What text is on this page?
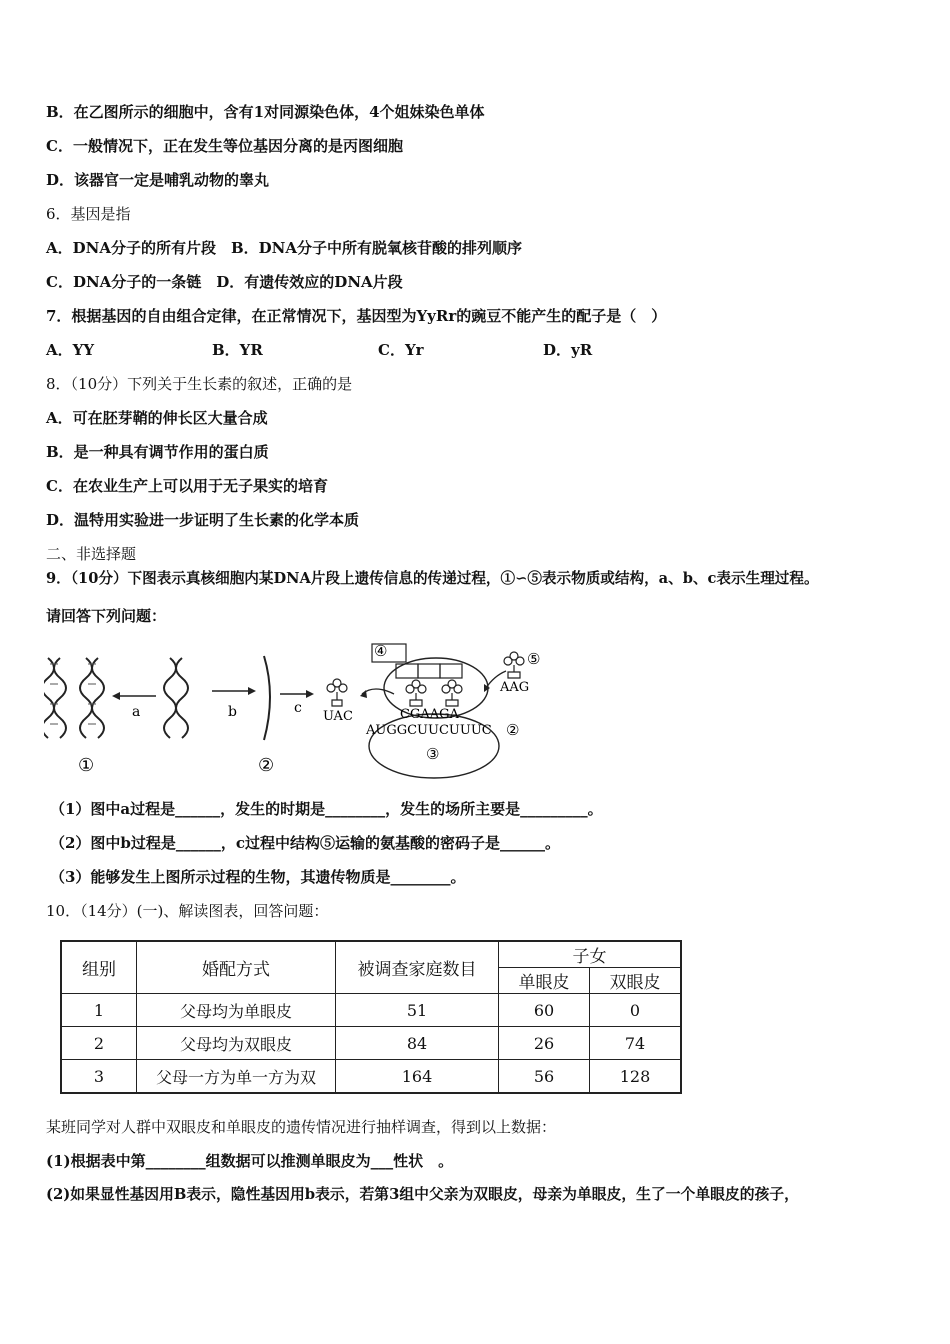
B．在乙图所示的细胞中，含有1对同源染色体，4个姐妹染色单体
C．一般情况下，正在发生等位基因分离的是丙图细胞
D．该器官一定是哺乳动物的睾丸
6．基因是指
A．DNA分子的所有片段　B．DNA分子中所有脱氧核苷酸的排列顺序
C．DNA分子的一条链　D．有遗传效应的DNA片段
7．根据基因的自由组合定律，在正常情况下，基因型为YyRr的豌豆不能产生的配子是（　）
A．YY	B．YR	C．Yr	D．yR
8．（10分）下列关于生长素的叙述，正确的是
A．可在胚芽鞘的伸长区大量合成
B．是一种具有调节作用的蛋白质
C．在农业生产上可以用于无子果实的培育
D．温特用实验进一步证明了生长素的化学本质
二、非选择题
9．（10分）下图表示真核细胞内某DNA片段上遗传信息的传递过程，①∽⑤表示物质或结构，a、b、c表示生理过程。
请回答下列问题：
a	b	c
①	②
UAC
④
CGAAGA
AUGGCUUCUUUC ②
③
⑤
AAG
（1）图中a过程是______，发生的时期是________，发生的场所主要是_________。
（2）图中b过程是______，c过程中结构⑤运输的氨基酸的密码子是______。
（3）能够发生上图所示过程的生物，其遗传物质是________。
10．（14分）(一)、解读图表，回答问题：
组别	婚配方式	被调查家庭数目	子女	
			单眼皮	双眼皮
1	父母均为单眼皮	51	60	0
2	父母均为双眼皮	84	26	74
3	父母一方为单一方为双	164	56	128
某班同学对人群中双眼皮和单眼皮的遗传情况进行抽样调查，得到以上数据：
(1)根据表中第________组数据可以推测单眼皮为___性状　。
(2)如果显性基因用B表示，隐性基因用b表示，若第3组中父亲为双眼皮，母亲为单眼皮，生了一个单眼皮的孩子，
